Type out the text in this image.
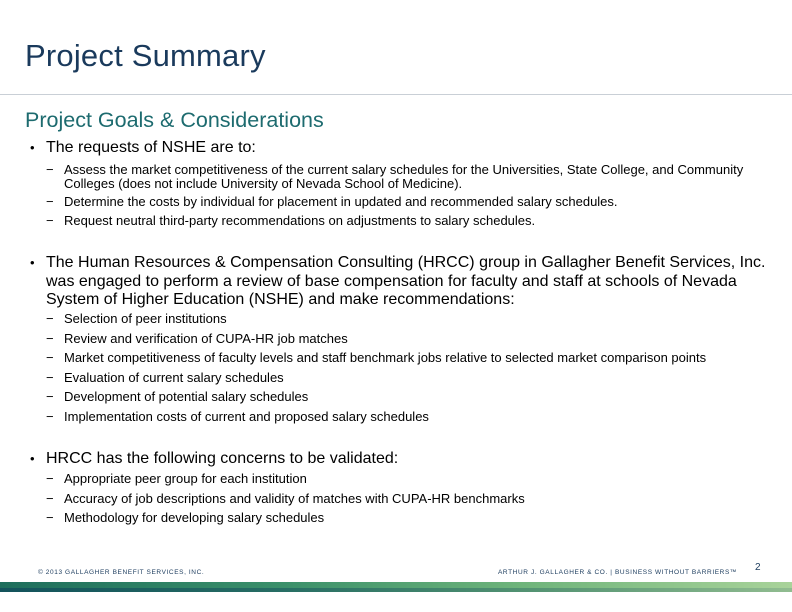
Project Summary
Project Goals & Considerations
• The requests of NSHE are to:
− Assess the market competitiveness of the current salary schedules for the Universities, State College, and Community Colleges (does not include University of Nevada School of Medicine).
− Determine the costs by individual for placement in updated and recommended salary schedules.
− Request neutral third-party recommendations on adjustments to salary schedules.
• The Human Resources & Compensation Consulting (HRCC) group in Gallagher Benefit Services, Inc. was engaged to perform a review of base compensation for faculty and staff at schools of Nevada System of Higher Education (NSHE) and make recommendations:
− Selection of peer institutions
− Review and verification of CUPA-HR job matches
− Market competitiveness of faculty levels and staff benchmark jobs relative to selected market comparison points
− Evaluation of current salary schedules
− Development of potential salary schedules
− Implementation costs of current and proposed salary schedules
• HRCC has the following concerns to be validated:
− Appropriate peer group for each institution
− Accuracy of job descriptions and validity of matches with CUPA-HR benchmarks
− Methodology for developing salary schedules
© 2013 GALLAGHER BENEFIT SERVICES, INC.	ARTHUR J. GALLAGHER & CO. | BUSINESS WITHOUT BARRIERS™ 2
